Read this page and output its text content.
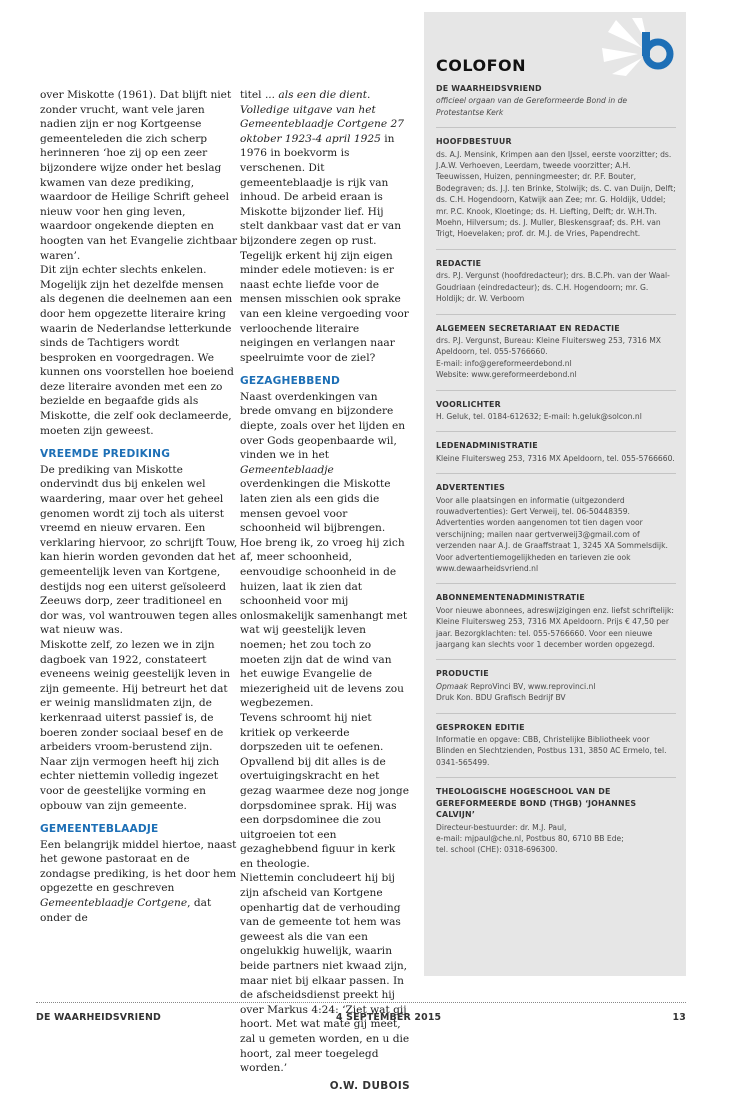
over Miskotte (1961). Dat blijft niet zonder vrucht, want vele jaren nadien zijn er nog Kortgeense gemeenteleden die zich scherp herinneren ‘hoe zij op een zeer bijzondere wijze onder het beslag kwamen van deze prediking, waardoor de Heilige Schrift geheel nieuw voor hen ging leven, waardoor ongekende diepten en hoogten van het Evangelie zichtbaar waren’.

Dit zijn echter slechts enkelen. Mogelijk zijn het dezelfde mensen als degenen die deelnemen aan een door hem opgezette literaire kring waarin de Nederlandse letterkunde sinds de Tachtigers wordt besproken en voorgedragen. We kunnen ons voorstellen hoe boeiend deze literaire avonden met een zo bezielde en begaafde gids als Miskotte, die zelf ook declameerde, moeten zijn geweest.

VREEMDE PREDIKING

De prediking van Miskotte ondervindt dus bij enkelen wel waardering, maar over het geheel genomen wordt zij toch als uiterst vreemd en nieuw ervaren. Een verklaring hiervoor, zo schrijft Touw, kan hierin worden gevonden dat het gemeentelijk leven van Kortgene, destijds nog een uiterst geïsoleerd Zeeuws dorp, zeer traditioneel en dor was, vol wantrouwen tegen alles wat nieuw was.

Miskotte zelf, zo lezen we in zijn dagboek van 1922, constateert eveneens weinig geestelijk leven in zijn gemeente. Hij betreurt het dat er weinig manslidmaten zijn, de kerkenraad uiterst passief is, de boeren zonder sociaal besef en de arbeiders vroom-berustend zijn. Naar zijn vermogen heeft hij zich echter niettemin volledig ingezet voor de geestelijke vorming en opbouw van zijn gemeente.

GEMEENTEBLAADJE

Een belangrijk middel hiertoe, naast het gewone pastoraat en de zondagse prediking, is het door hem opgezette en geschreven Gemeenteblaadje Cortgene, dat onder de

titel ... als een die dient. Volledige uitgave van het Gemeenteblaadje Cortgene 27 oktober 1923-4 april 1925 in 1976 in boekvorm is verschenen. Dit gemeenteblaadje is rijk van inhoud. De arbeid eraan is Miskotte bijzonder lief. Hij stelt dankbaar vast dat er van bijzondere zegen op rust. Tegelijk erkent hij zijn eigen minder edele motieven: is er naast echte liefde voor de mensen misschien ook sprake van een kleine vergoeding voor verloochende literaire neigingen en verlangen naar speelruimte voor de ziel?

GEZAGHEBBEND

Naast overdenkingen van brede omvang en bijzondere diepte, zoals over het lijden en over Gods geopenbaarde wil, vinden we in het Gemeenteblaadje overdenkingen die Miskotte laten zien als een gids die mensen gevoel voor schoonheid wil bijbrengen. Hoe breng ik, zo vroeg hij zich af, meer schoonheid, eenvoudige schoonheid in de huizen, laat ik zien dat schoonheid voor mij onlosmakelijk samenhangt met wat wij geestelijk leven noemen; het zou toch zo moeten zijn dat de wind van het euwige Evangelie de miezerigheid uit de levens zou wegbezemen.

Tevens schroomt hij niet kritiek op verkeerde dorpszeden uit te oefenen. Opvallend bij dit alles is de overtuigingskracht en het gezag waarmee deze nog jonge dorpsdominee sprak. Hij was een dorpsdominee die zou uitgroeien tot een gezaghebbend figuur in kerk en theologie.

Niettemin concludeert hij bij zijn afscheid van Kortgene openhartig dat de verhouding van de gemeente tot hem was geweest als die van een ongelukkig huwelijk, waarin beide partners niet kwaad zijn, maar niet bij elkaar passen. In de afscheidsdienst preekt hij over Markus 4:24: ‘Ziet wat gij hoort. Met wat mate gij meet, zal u gemeten worden, en u die hoort, zal meer toegelegd worden.’

O.W. DUBOIS
COLOFON
DE WAARHEIDSVRIEND
officieel orgaan van de Gereformeerde Bond in de Protestantse Kerk
HOOFDBESTUUR
ds. A.J. Mensink, Krimpen aan den IJssel, eerste voorzitter; ds. J.A.W. Verhoeven, Leerdam, tweede voorzitter; A.H. Teeuwissen, Huizen, penningmeester; dr. P.F. Bouter, Bodegraven; ds. J.J. ten Brinke, Stolwijk; ds. C. van Duijn, Delft; ds. C.H. Hogendoorn, Katwijk aan Zee; mr. G. Holdijk, Uddel; mr. P.C. Knook, Kloetinge; ds. H. Liefting, Delft; dr. W.H.Th. Moehn, Hilversum; ds. J. Muller, Bleskensgraaf; ds. P.H. van Trigt, Hoevelaken; prof. dr. M.J. de Vries, Papendrecht.
REDACTIE
drs. P.J. Vergunst (hoofdredacteur); drs. B.C.Ph. van der Waal-Goudriaan (eindredacteur); ds. C.H. Hogendoorn; mr. G. Holdijk; dr. W. Verboom
ALGEMEEN SECRETARIAAT EN REDACTIE
drs. P.J. Vergunst, Bureau: Kleine Fluitersweg 253, 7316 MX Apeldoorn, tel. 055-5766660.
E-mail: info@gereformeerdebond.nl
Website: www.gereformeerdebond.nl
VOORLICHTER
H. Geluk, tel. 0184-612632; E-mail: h.geluk@solcon.nl
LEDENADMINISTRATIE
Kleine Fluitersweg 253, 7316 MX Apeldoorn, tel. 055-5766660.
ADVERTENTIES
Voor alle plaatsingen en informatie (uitgezonderd rouwadvertenties): Gert Verweij, tel. 06-50448359. Advertenties worden aangenomen tot tien dagen voor verschijning; mailen naar gertverweij3@gmail.com of verzenden naar A.J. de Graaffstraat 1, 3245 XA Sommelsdijk. Voor advertentiemogelijkheden en tarieven zie ook www.dewaarheidsvriend.nl
ABONNEMENTENADMINISTRATIE
Voor nieuwe abonnees, adreswijzigingen enz. liefst schriftelijk: Kleine Fluitersweg 253, 7316 MX Apeldoorn. Prijs € 47,50 per jaar. Bezorgklachten: tel. 055-5766660. Voor een nieuwe jaargang kan slechts voor 1 december worden opgezegd.
PRODUCTIE
Opmaak ReproVinci BV, www.reprovinci.nl
Druk Kon. BDU Grafisch Bedrijf BV
GESPROKEN EDITIE
Informatie en opgave: CBB, Christelijke Bibliotheek voor Blinden en Slechtzienden, Postbus 131, 3850 AC Ermelo, tel. 0341-565499.
THEOLOGISCHE HOGESCHOOL VAN DE GEREFORMEERDE BOND (THGB) ‘JOHANNES CALVIJN’
Directeur-bestuurder: dr. M.J. Paul,
e-mail: mjpaul@che.nl, Postbus 80, 6710 BB Ede;
tel. school (CHE): 0318-696300.
DE WAARHEIDSVRIEND	4 SEPTEMBER 2015	13
